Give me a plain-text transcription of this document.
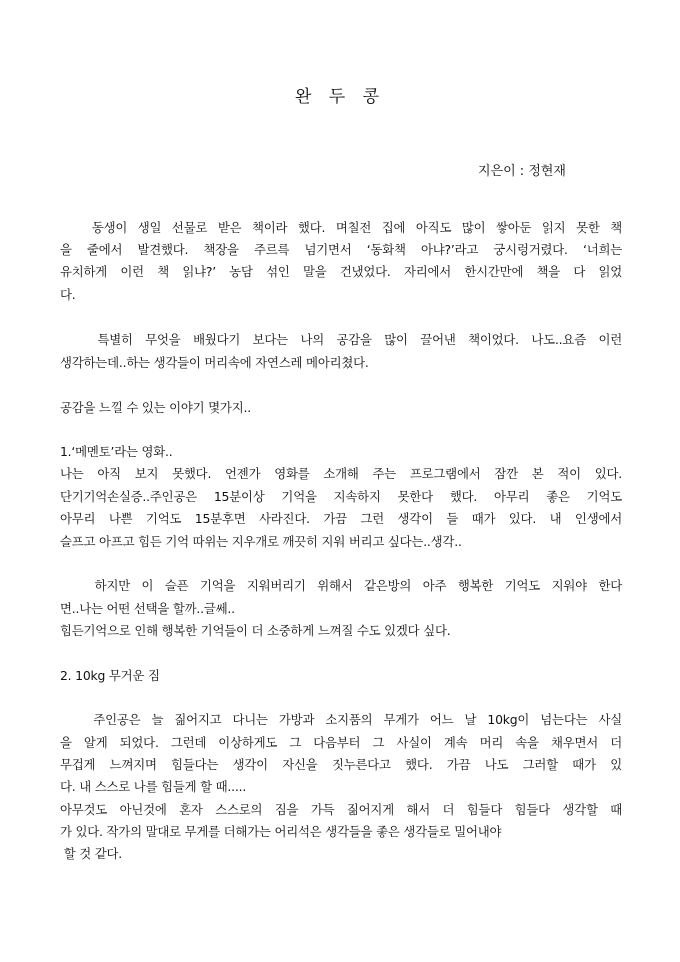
완 두 콩
지은이 : 정현재
동생이 생일 선물로 받은 책이라 했다. 며칠전 집에 아직도 많이 쌓아둔 읽지 못한 책
을 줄에서 발견했다. 책장을 주르륵 넘기면서 ‘동화책 아냐?’라고 궁시렁거렸다. ‘너희는
유치하게 이런 책 읽냐?’ 농담 섞인 말을 건냈었다. 자리에서 한시간만에 책을 다 읽었
다.
특별히 무엇을 배웠다기 보다는 나의 공감을 많이 끌어낸 책이었다. 나도..요즘 이런
생각하는데..하는 생각들이 머리속에 자연스레 메아리쳤다.
공감을 느낄 수 있는 이야기 몇가지..
1.‘메멘토’라는 영화..
나는 아직 보지 못했다. 언젠가 영화를 소개해 주는 프로그램에서 잠깐 본 적이 있다.
단기기억손실증..주인공은 15분이상 기억을 지속하지 못한다 했다. 아무리 좋은 기억도
아무리 나쁜 기억도 15분후면 사라진다. 가끔 그런 생각이 들 때가 있다. 내 인생에서
슬프고 아프고 힘든 기억 따위는 지우개로 깨끗히 지워 버리고 싶다는..생각..
하지만 이 슬픈 기억을 지워버리기 위해서 같은방의 아주 행복한 기억도 지워야 한다
면..나는 어떤 선택을 할까..글쎄..
힘든기억으로 인해 행복한 기억들이 더 소중하게 느껴질 수도 있겠다 싶다.
2. 10kg 무거운 짐
주인공은 늘 짊어지고 다니는 가방과 소지품의 무게가 어느 날 10kg이 넘는다는 사실
을 알게 되었다. 그런데 이상하게도 그 다음부터 그 사실이 계속 머리 속을 채우면서 더
무겁게 느껴지며 힘들다는 생각이 자신을 짓누른다고 했다. 가끔 나도 그러할 때가 있
다. 내 스스로 나를 힘들게 할 때.....
아무것도 아닌것에 혼자 스스로의 짐을 가득 짊어지게 해서 더 힘들다 힘들다 생각할 때
가 있다. 작가의 말대로 무게를 더해가는 어리석은 생각들을 좋은 생각들로 밀어내야
할 것 같다.
